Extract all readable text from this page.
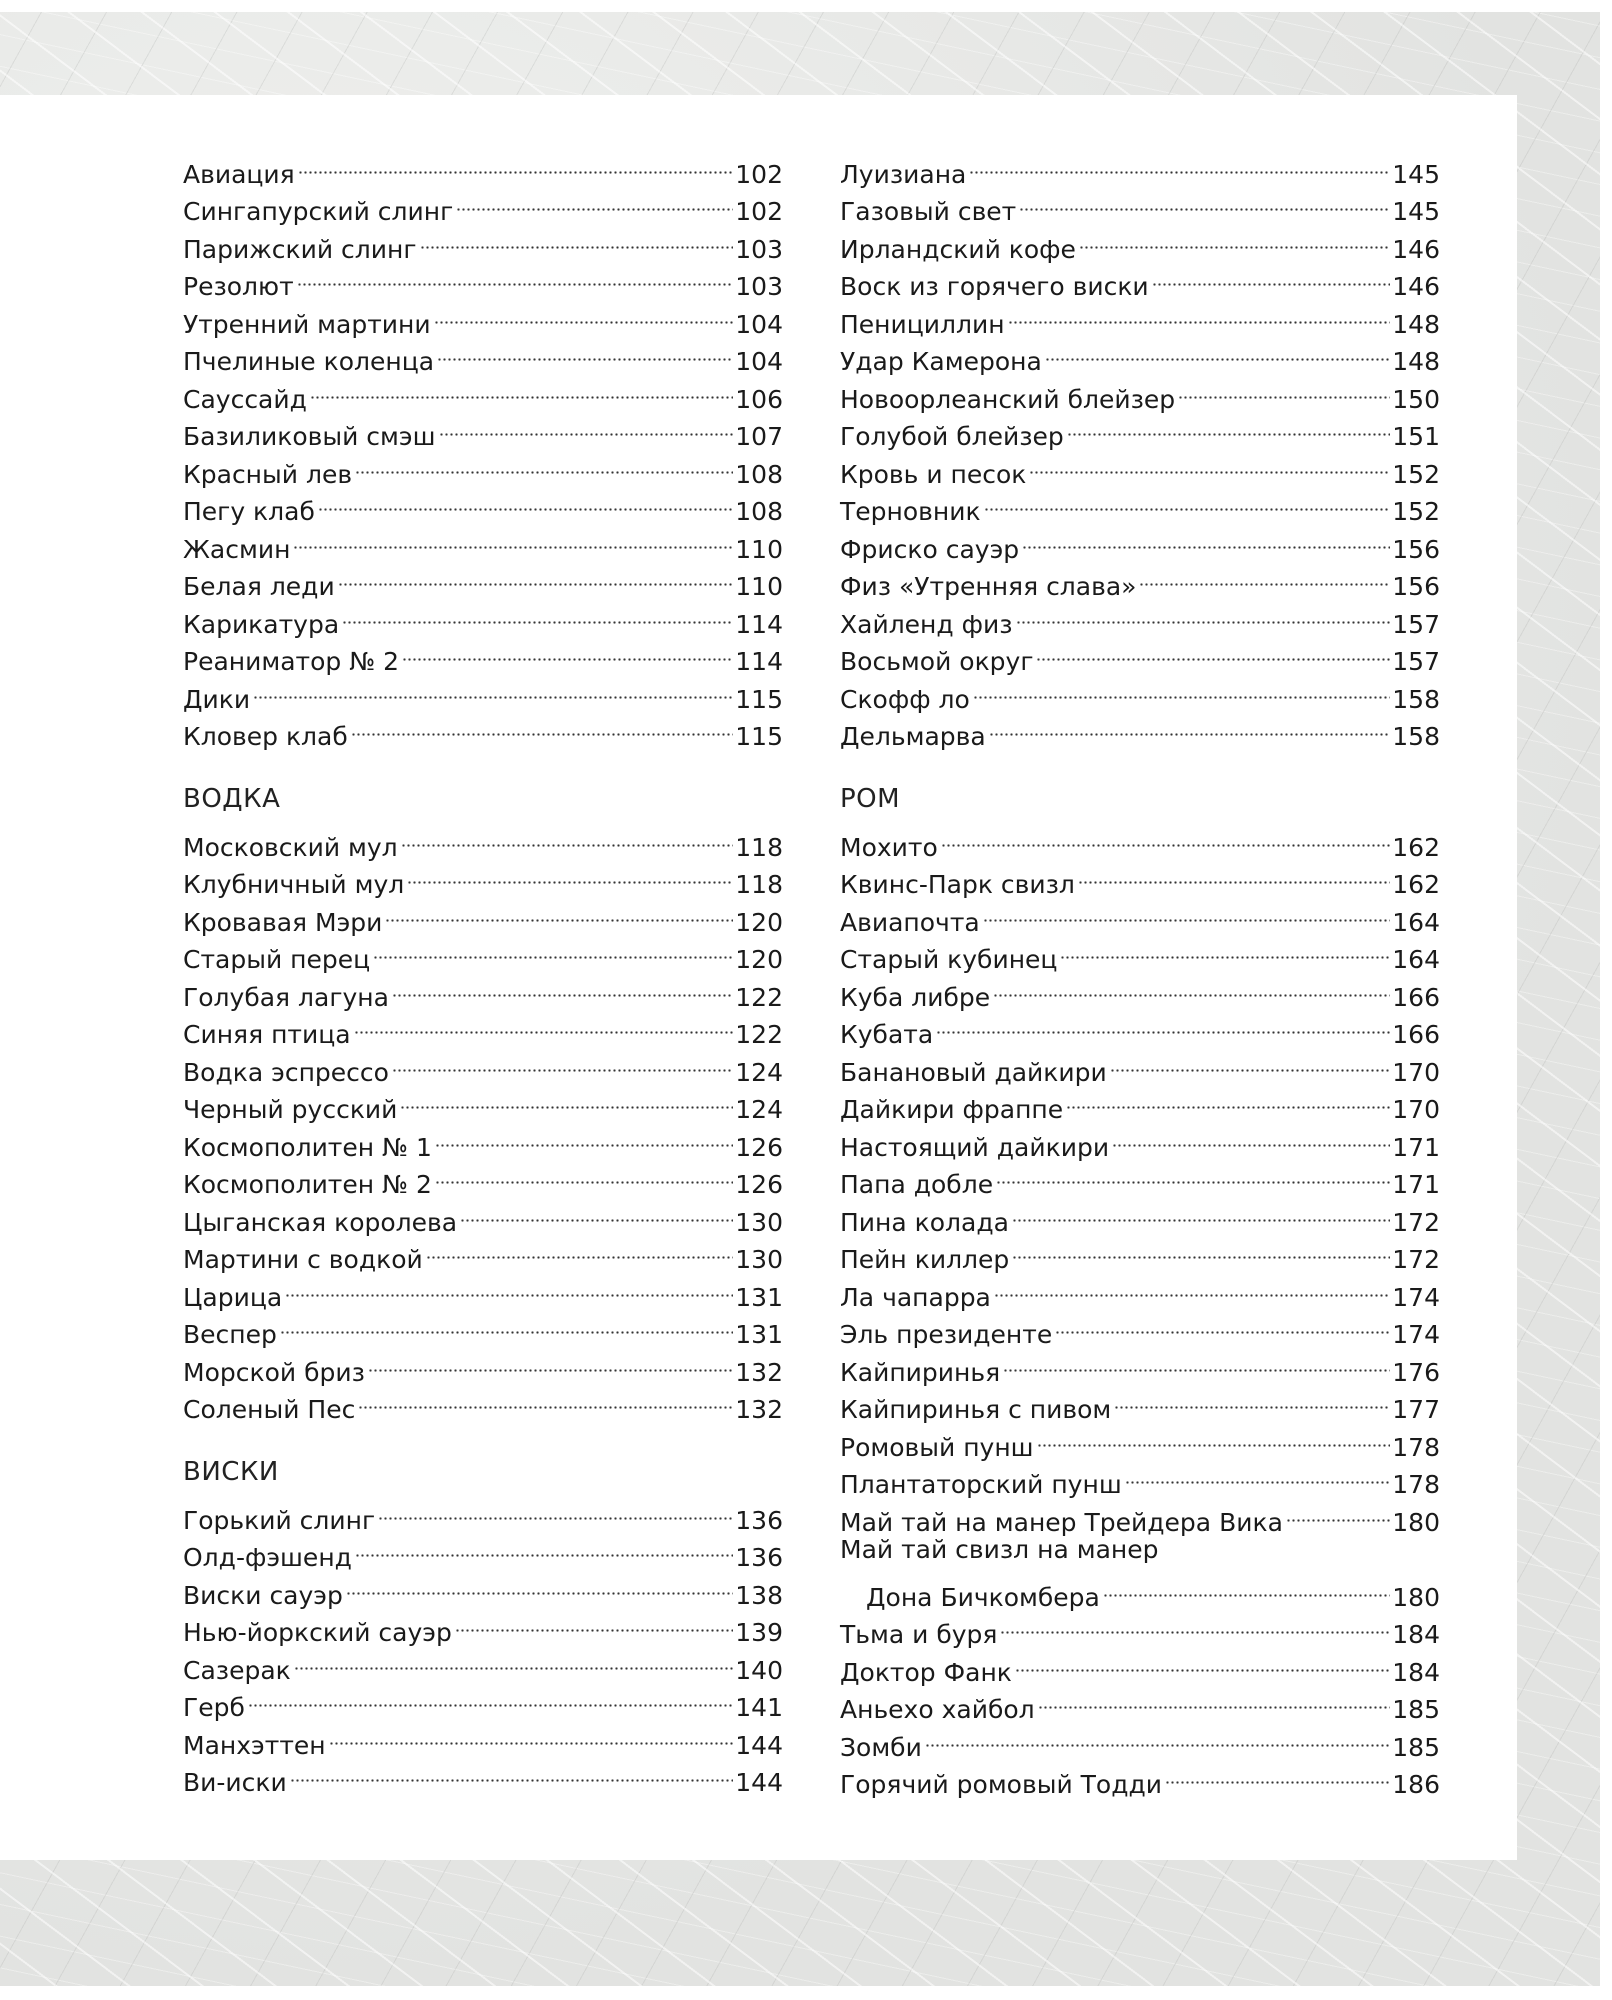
Авиация	102
Сингапурский слинг	102
Парижский слинг	103
Резолют	103
Утренний мартини	104
Пчелиные коленца	104
Сауссайд	106
Базиликовый смэш	107
Красный лев	108
Пегу клаб	108
Жасмин	110
Белая леди	110
Карикатура	114
Реаниматор № 2	114
Дики	115
Кловер клаб	115
ВОДКА
Московский мул	118
Клубничный мул	118
Кровавая Мэри	120
Старый перец	120
Голубая лагуна	122
Синяя птица	122
Водка эспрессо	124
Черный русский	124
Космополитен № 1	126
Космополитен № 2	126
Цыганская королева	130
Мартини с водкой	130
Царица	131
Веспер	131
Морской бриз	132
Соленый Пес	132
ВИСКИ
Горький слинг	136
Олд-фэшенд	136
Виски сауэр	138
Нью-йоркский сауэр	139
Сазерак	140
Герб	141
Манхэттен	144
Ви-иски	144
Луизиана	145
Газовый свет	145
Ирландский кофе	146
Воск из горячего виски	146
Пенициллин	148
Удар Камерона	148
Новоорлеанский блейзер	150
Голубой блейзер	151
Кровь и песок	152
Терновник	152
Фриско сауэр	156
Физ «Утренняя слава»	156
Хайленд физ	157
Восьмой округ	157
Скофф ло	158
Дельмарва	158
РОМ
Мохито	162
Квинс-Парк свизл	162
Авиапочта	164
Старый кубинец	164
Куба либре	166
Кубата	166
Банановый дайкири	170
Дайкири фраппе	170
Настоящий дайкири	171
Папа добле	171
Пина колада	172
Пейн киллер	172
Ла чапарра	174
Эль президенте	174
Кайпиринья	176
Кайпиринья с пивом	177
Ромовый пунш	178
Плантаторский пунш	178
Май тай на манер Трейдера Вика	180
Май тай свизл на манер
Дона Бичкомбера	180
Тьма и буря	184
Доктор Фанк	184
Аньехо хайбол	185
Зомби	185
Горячий ромовый Тодди	186
